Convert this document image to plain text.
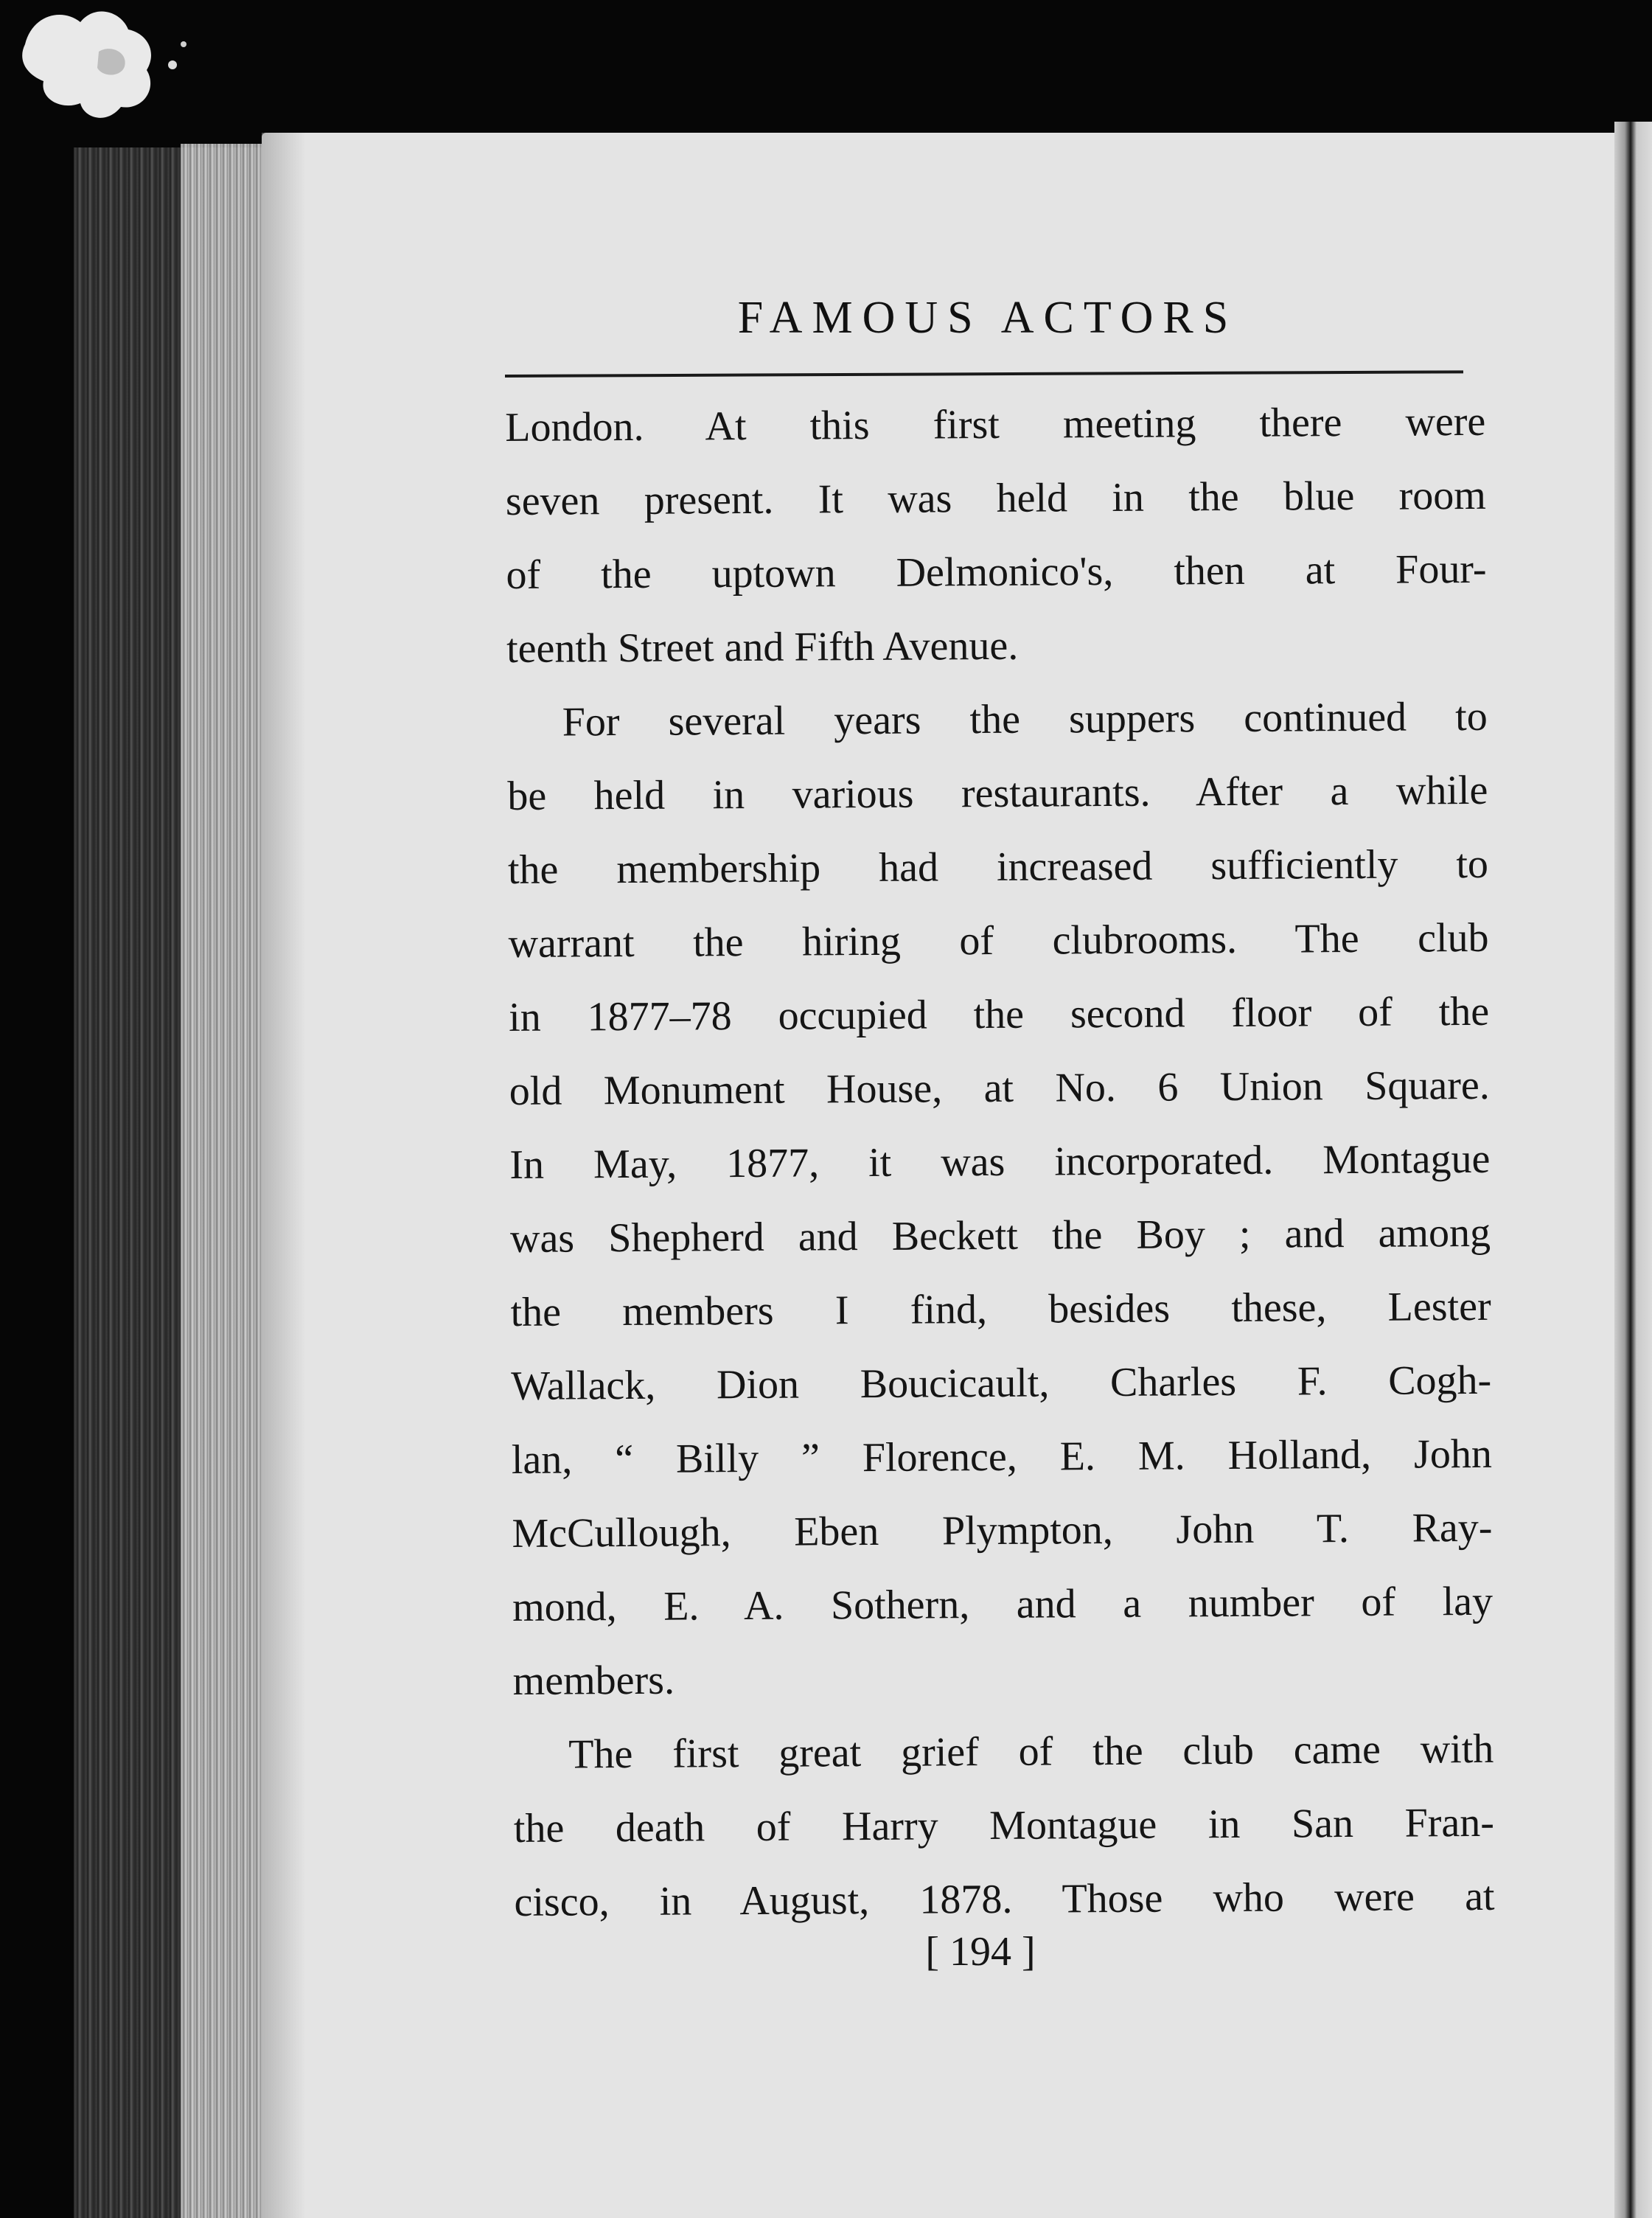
FAMOUS ACTORS
London. At this first meeting there were
seven present. It was held in the blue room
of the uptown Delmonico's, then at Four-
teenth Street and Fifth Avenue.
For several years the suppers continued to
be held in various restaurants. After a while
the membership had increased sufficiently to
warrant the hiring of clubrooms. The club
in 1877–78 occupied the second floor of the
old Monument House, at No. 6 Union Square.
In May, 1877, it was incorporated. Montague
was Shepherd and Beckett the Boy ; and among
the members I find, besides these, Lester
Wallack, Dion Boucicault, Charles F. Cogh-
lan, “ Billy ” Florence, E. M. Holland, John
McCullough, Eben Plympton, John T. Ray-
mond, E. A. Sothern, and a number of lay
members.
The first great grief of the club came with
the death of Harry Montague in San Fran-
cisco, in August, 1878. Those who were at
[ 194 ]
